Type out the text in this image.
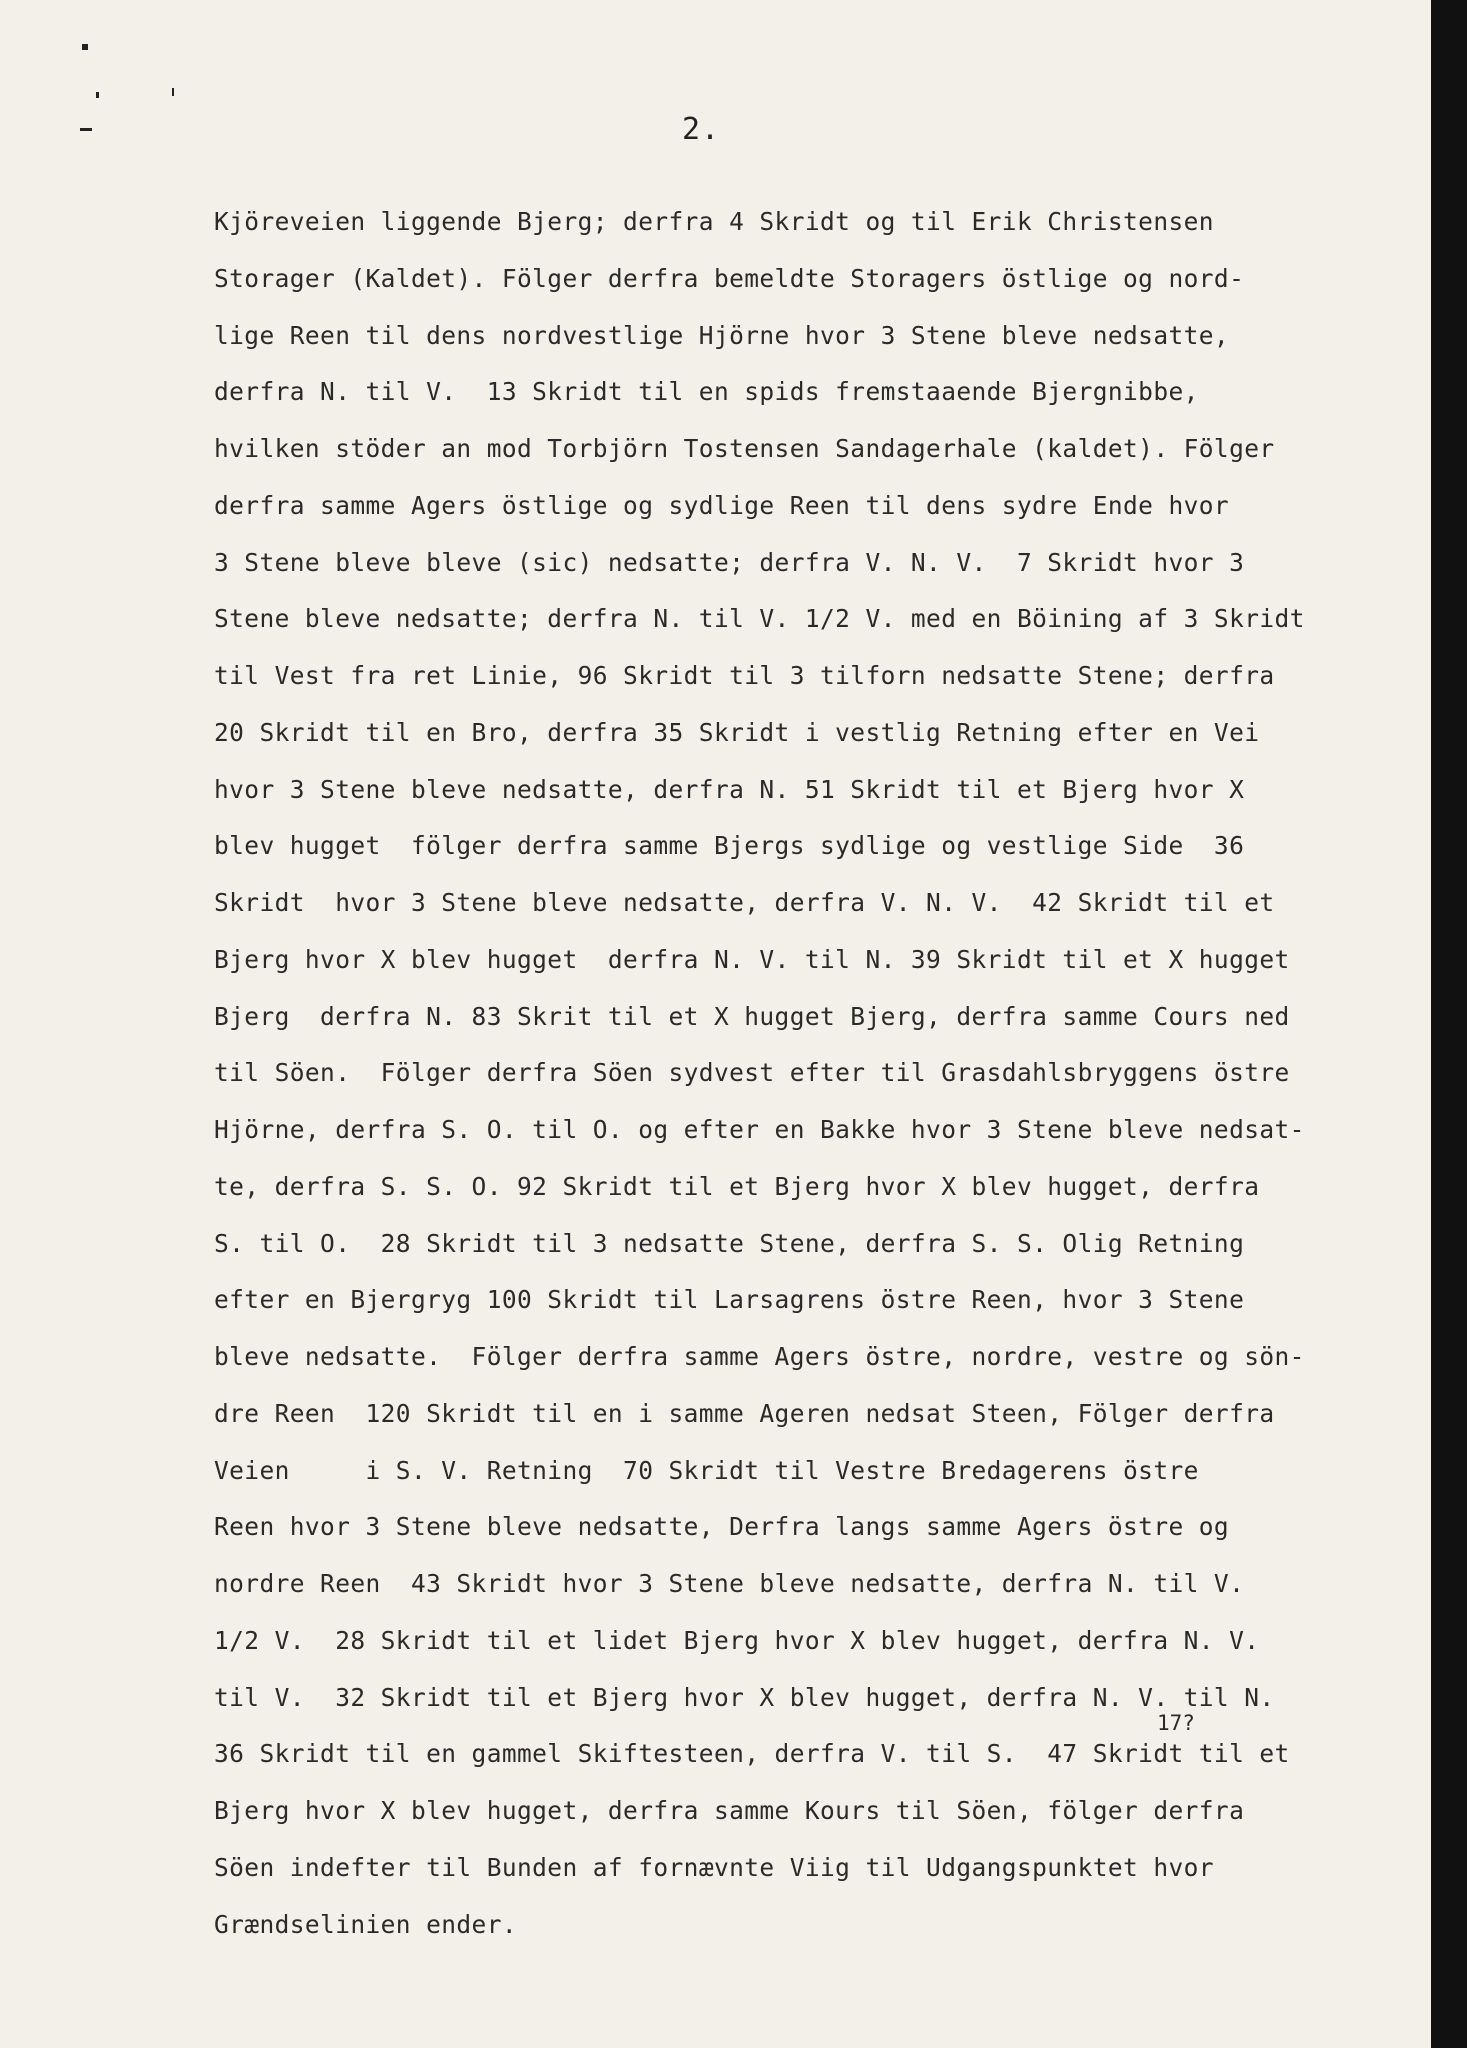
2.
Kjöreveien liggende Bjerg; derfra 4 Skridt og til Erik Christensen
Storager (Kaldet). Fölger derfra bemeldte Storagers östlige og nord-
lige Reen til dens nordvestlige Hjörne hvor 3 Stene bleve nedsatte,
derfra N. til V.  13 Skridt til en spids fremstaaende Bjergnibbe,
hvilken stöder an mod Torbjörn Tostensen Sandagerhale (kaldet). Fölger
derfra samme Agers östlige og sydlige Reen til dens sydre Ende hvor
3 Stene bleve bleve (sic) nedsatte; derfra V. N. V.  7 Skridt hvor 3
Stene bleve nedsatte; derfra N. til V. 1/2 V. med en Böining af 3 Skridt
til Vest fra ret Linie, 96 Skridt til 3 tilforn nedsatte Stene; derfra
20 Skridt til en Bro, derfra 35 Skridt i vestlig Retning efter en Vei
hvor 3 Stene bleve nedsatte, derfra N. 51 Skridt til et Bjerg hvor X
blev hugget  fölger derfra samme Bjergs sydlige og vestlige Side  36
Skridt  hvor 3 Stene bleve nedsatte, derfra V. N. V.  42 Skridt til et
Bjerg hvor X blev hugget  derfra N. V. til N. 39 Skridt til et X hugget
Bjerg  derfra N. 83 Skrit til et X hugget Bjerg, derfra samme Cours ned
til Söen.  Fölger derfra Söen sydvest efter til Grasdahlsbryggens östre
Hjörne, derfra S. O. til O. og efter en Bakke hvor 3 Stene bleve nedsat-
te, derfra S. S. O. 92 Skridt til et Bjerg hvor X blev hugget, derfra
S. til O.  28 Skridt til 3 nedsatte Stene, derfra S. S. Olig Retning
efter en Bjergryg 100 Skridt til Larsagrens östre Reen, hvor 3 Stene
bleve nedsatte.  Fölger derfra samme Agers östre, nordre, vestre og sön-
dre Reen  120 Skridt til en i samme Ageren nedsat Steen, Fölger derfra
Veien     i S. V. Retning  70 Skridt til Vestre Bredagerens östre
Reen hvor 3 Stene bleve nedsatte, Derfra langs samme Agers östre og
nordre Reen  43 Skridt hvor 3 Stene bleve nedsatte, derfra N. til V.
1/2 V.  28 Skridt til et lidet Bjerg hvor X blev hugget, derfra N. V.
til V.  32 Skridt til et Bjerg hvor X blev hugget, derfra N. V. til N.
36 Skridt til en gammel Skiftesteen, derfra V. til S.  47 Skridt til et
Bjerg hvor X blev hugget, derfra samme Kours til Söen, fölger derfra
Söen indefter til Bunden af fornævnte Viig til Udgangspunktet hvor
Grændselinien ender.
17?
